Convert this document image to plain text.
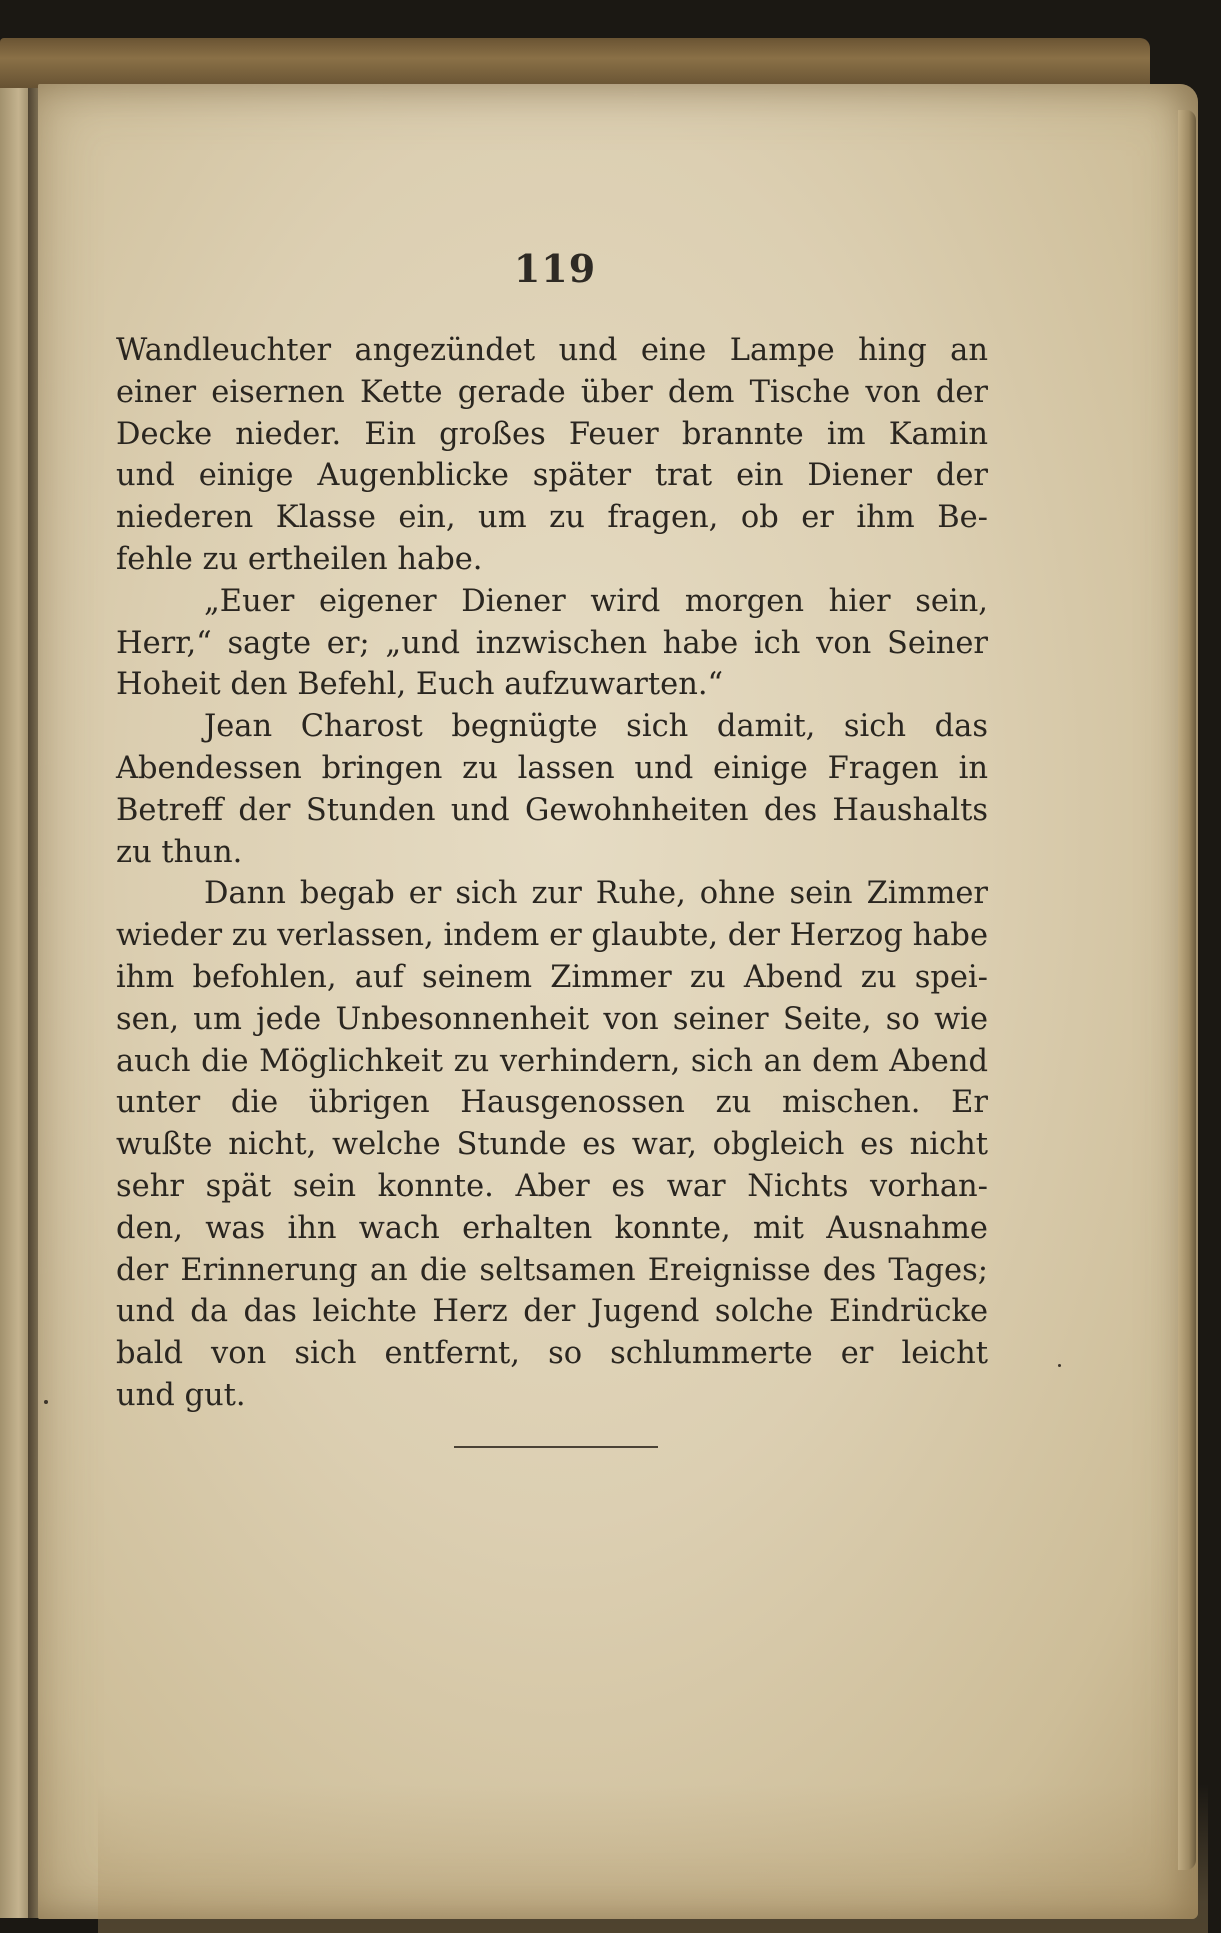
119
Wandleuchter angezündet und eine Lampe hing an
einer eisernen Kette gerade über dem Tische von der
Decke nieder. Ein großes Feuer brannte im Kamin
und einige Augenblicke später trat ein Diener der
niederen Klasse ein, um zu fragen, ob er ihm Be-
fehle zu ertheilen habe.
„Euer eigener Diener wird morgen hier sein,
Herr,“ sagte er; „und inzwischen habe ich von Seiner
Hoheit den Befehl, Euch aufzuwarten.“
Jean Charost begnügte sich damit, sich das
Abendessen bringen zu lassen und einige Fragen in
Betreff der Stunden und Gewohnheiten des Haushalts
zu thun.
Dann begab er sich zur Ruhe, ohne sein Zimmer
wieder zu verlassen, indem er glaubte, der Herzog habe
ihm befohlen, auf seinem Zimmer zu Abend zu spei-
sen, um jede Unbesonnenheit von seiner Seite, so wie
auch die Möglichkeit zu verhindern, sich an dem Abend
unter die übrigen Hausgenossen zu mischen. Er
wußte nicht, welche Stunde es war, obgleich es nicht
sehr spät sein konnte. Aber es war Nichts vorhan-
den, was ihn wach erhalten konnte, mit Ausnahme
der Erinnerung an die seltsamen Ereignisse des Tages;
und da das leichte Herz der Jugend solche Eindrücke
bald von sich entfernt, so schlummerte er leicht
und gut.
